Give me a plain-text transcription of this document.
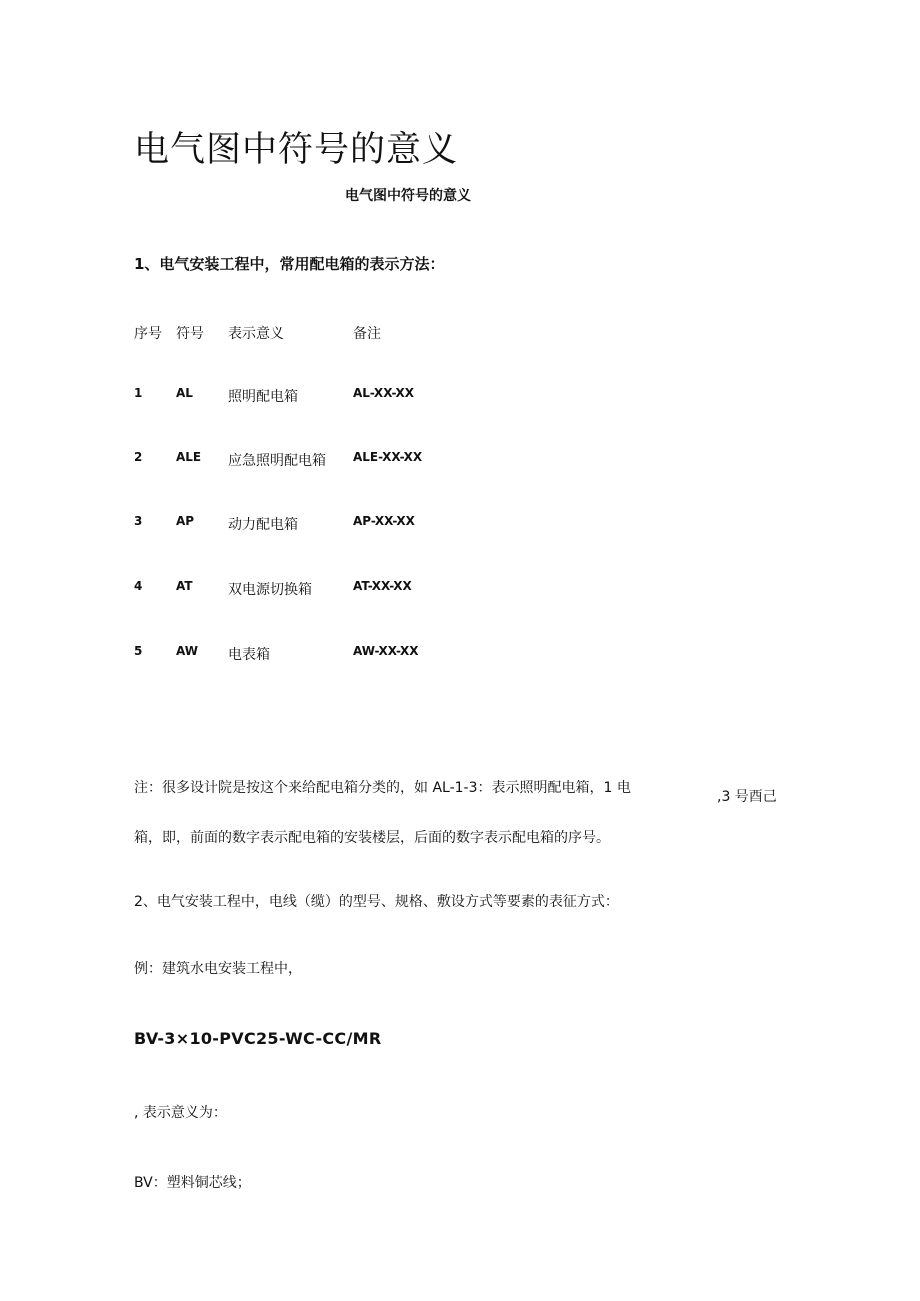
电气图中符号的意义
电气图中符号的意义
1、电气安装工程中，常用配电箱的表示方法：
序号 符号 表示意义	备注
1	AL	照明配电箱	AL-XX-XX
2	ALE 应急照明配电箱 ALE-XX-XX
3	AP 动力配电箱	AP-XX-XX
4	AT	双电源切换箱	AT-XX-XX
5	AW 电表箱	AW-XX-XX
注：很多设计院是按这个来给配电箱分类的，如 AL-1-3：表示照明配电箱，1 电
,3 号酉己
箱，即，前面的数字表示配电箱的安装楼层，后面的数字表示配电箱的序号。
2、电气安装工程中，电线（缆）的型号、规格、敷设方式等要素的表征方式：
例：建筑水电安装工程中，
BV-3×10-PVC25-WC-CC/MR
, 表示意义为：
BV：塑料铜芯线；
